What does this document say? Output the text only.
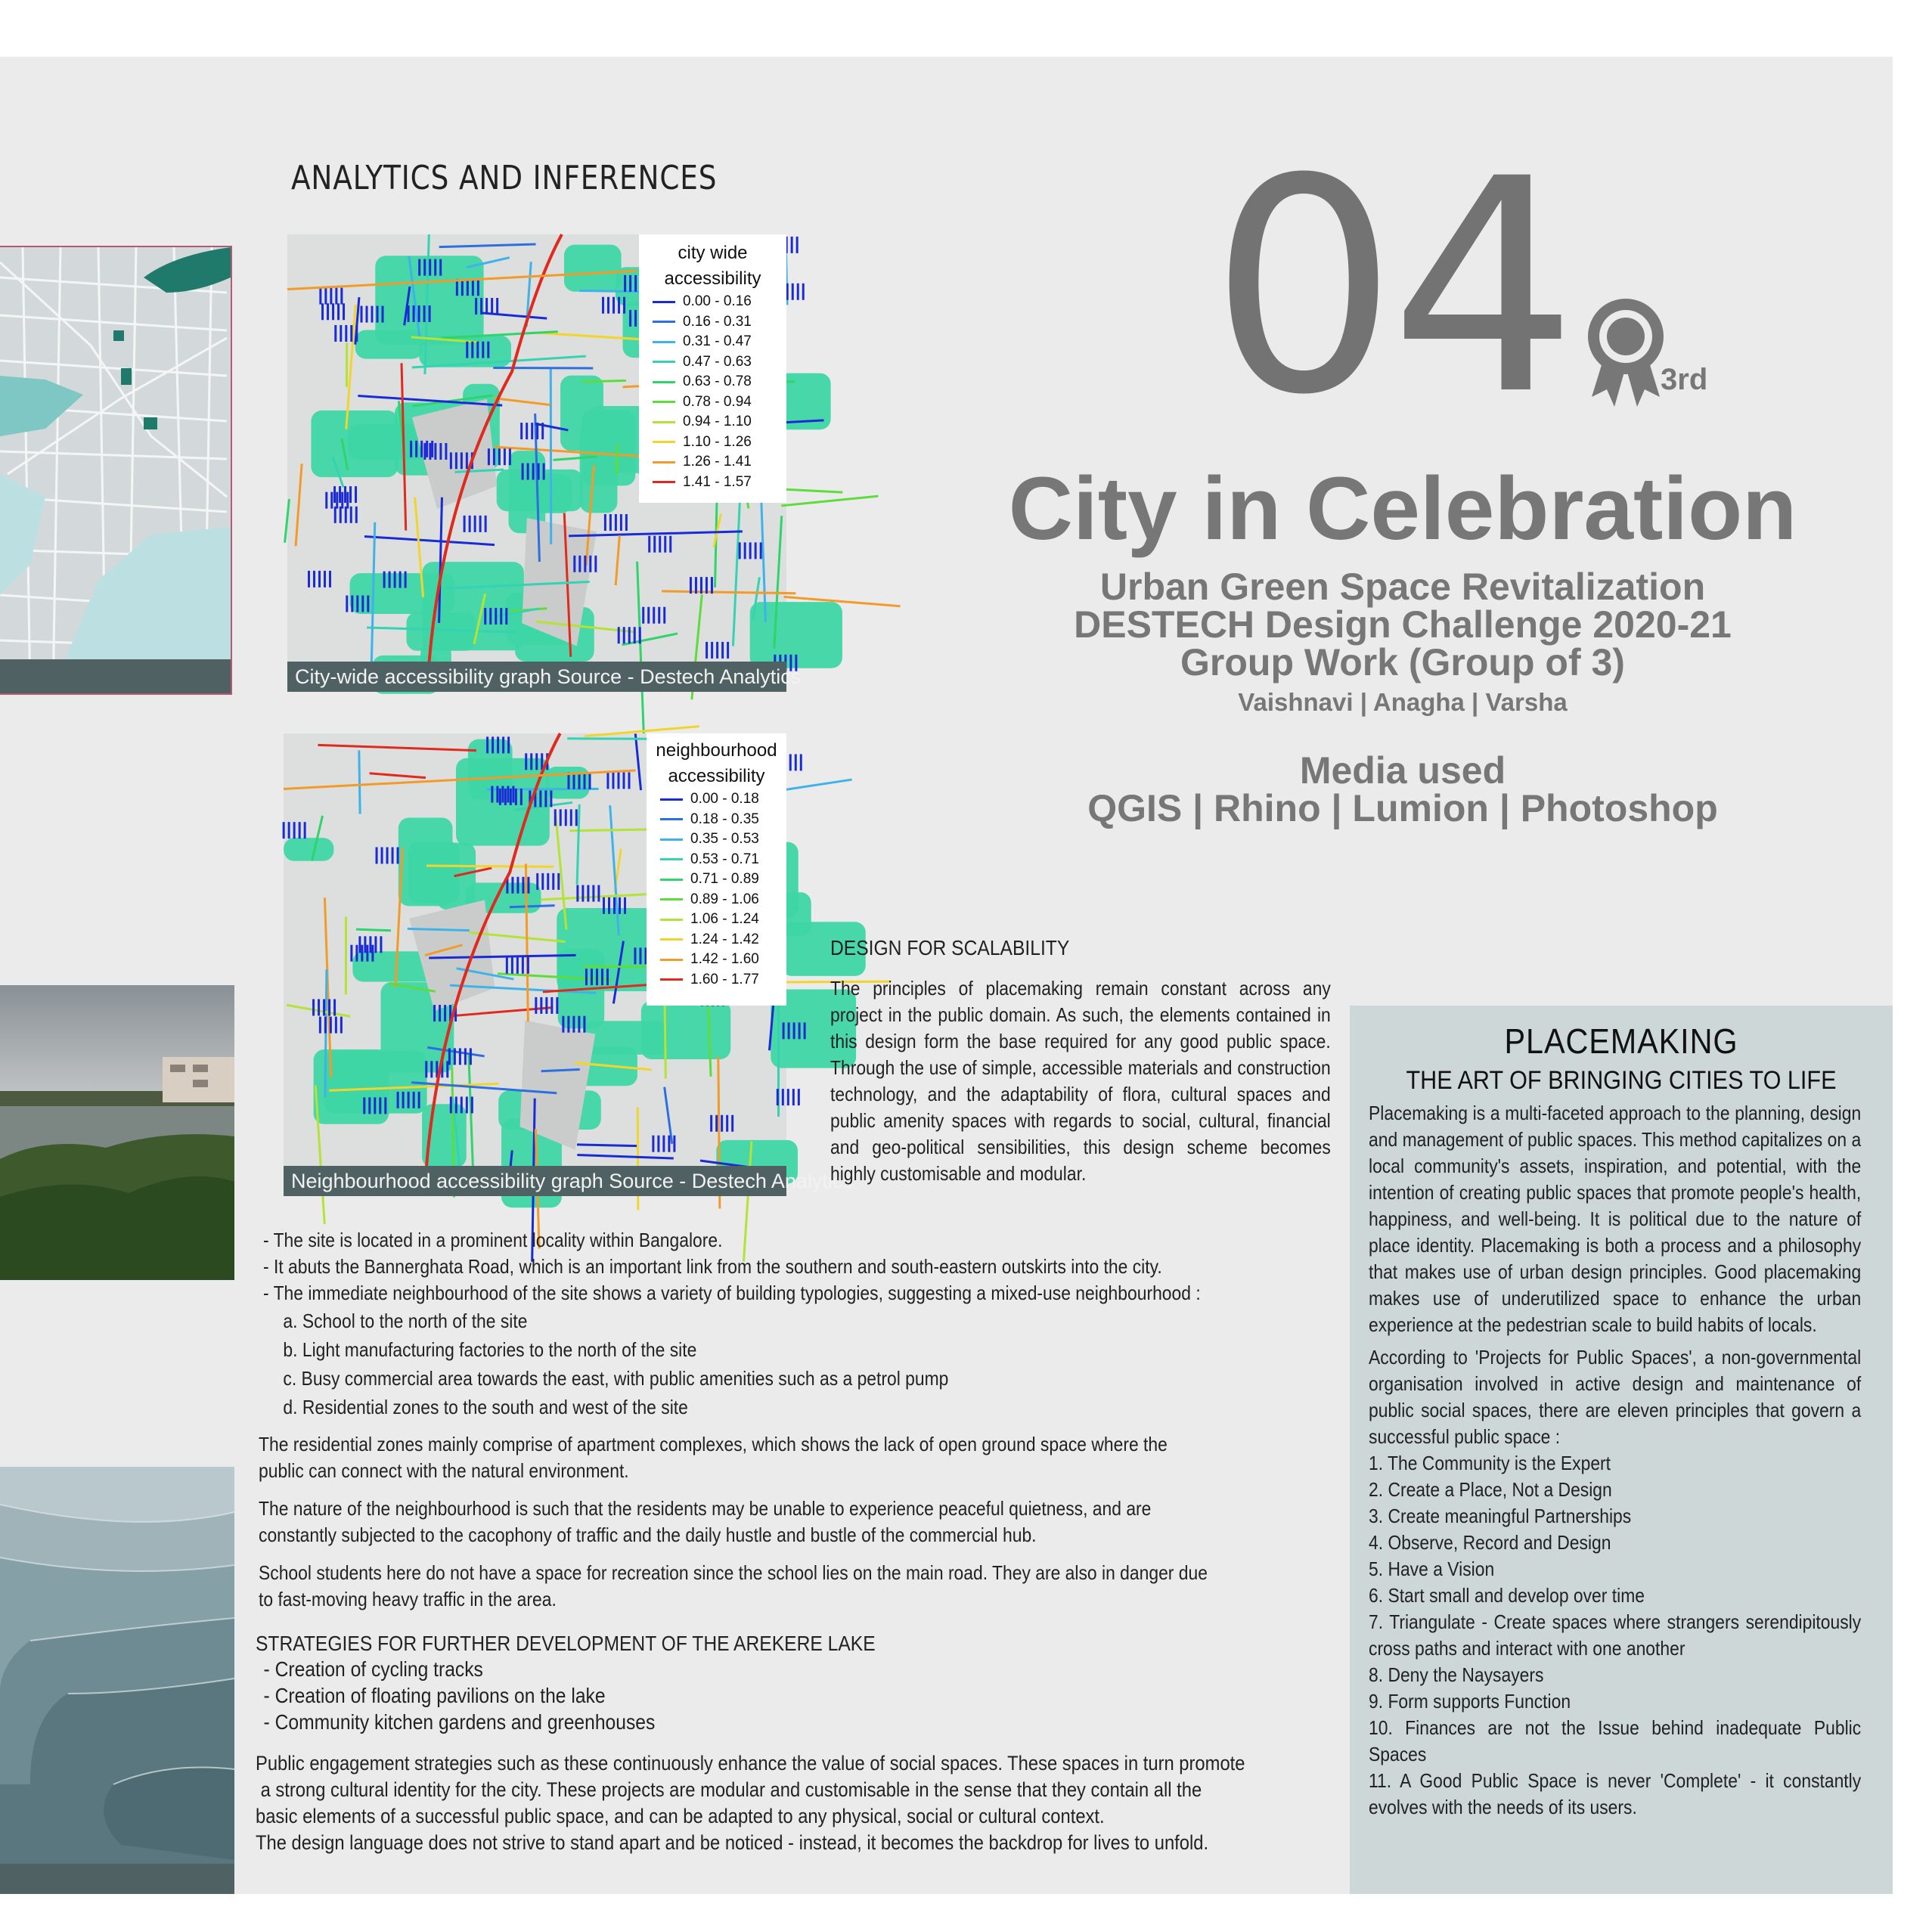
ANALYTICS AND INFERENCES
city wide
accessibility
0.00 - 0.16
0.16 - 0.31
0.31 - 0.47
0.47 - 0.63
0.63 - 0.78
0.78 - 0.94
0.94 - 1.10
1.10 - 1.26
1.26 - 1.41
1.41 - 1.57
City-wide accessibility graph Source - Destech Analytics
neighbourhood
accessibility
0.00 - 0.18
0.18 - 0.35
0.35 - 0.53
0.53 - 0.71
0.71 - 0.89
0.89 - 1.06
1.06 - 1.24
1.24 - 1.42
1.42 - 1.60
1.60 - 1.77
Neighbourhood accessibility graph Source - Destech Analytics
04	3rd
City in Celebration
Urban Green Space Revitalization
DESTECH Design Challenge 2020-21
Group Work (Group of 3)
Vaishnavi | Anagha | Varsha
Media used
QGIS | Rhino | Lumion | Photoshop
DESIGN FOR SCALABILITY
The principles of placemaking remain constant across any project in the public domain. As such, the elements contained in this design form the base required for any good public space. Through the use of simple, accessible materials and construction technology, and the adaptability of flora, cultural spaces and public amenity spaces with regards to social, cultural, financial and geo-political sensibilities, this design scheme becomes highly customisable and modular.
- The site is located in a prominent locality within Bangalore.
- It abuts the Bannerghata Road, which is an important link from the southern and south-eastern outskirts into the city.
- The immediate neighbourhood of the site shows a variety of building typologies, suggesting a mixed-use neighbourhood :
a. School to the north of the site
b. Light manufacturing factories to the north of the site
c. Busy commercial area towards the east, with public amenities such as a petrol pump
d. Residential zones to the south and west of the site
The residential zones mainly comprise of apartment complexes, which shows the lack of open ground space where the public can connect with the natural environment.
The nature of the neighbourhood is such that the residents may be unable to experience peaceful quietness, and are constantly subjected to the cacophony of traffic and the daily hustle and bustle of the commercial hub.
School students here do not have a space for recreation since the school lies on the main road. They are also in danger due to fast-moving heavy traffic in the area.
STRATEGIES FOR FURTHER DEVELOPMENT OF THE AREKERE LAKE
- Creation of cycling tracks
- Creation of floating pavilions on the lake
- Community kitchen gardens and greenhouses
Public engagement strategies such as these continuously enhance the value of social spaces. These spaces in turn promote
a strong cultural identity for the city. These projects are modular and customisable in the sense that they contain all the
basic elements of a successful public space, and can be adapted to any physical, social or cultural context.
The design language does not strive to stand apart and be noticed - instead, it becomes the backdrop for lives to unfold.
PLACEMAKING
THE ART OF BRINGING CITIES TO LIFE
Placemaking is a multi-faceted approach to the planning, design and management of public spaces. This method capitalizes on a local community's assets, inspiration, and potential, with the intention of creating public spaces that promote people's health, happiness, and well-being. It is political due to the nature of place identity. Placemaking is both a process and a philosophy that makes use of urban design principles. Good placemaking makes use of underutilized space to enhance the urban experience at the pedestrian scale to build habits of locals.
According to 'Projects for Public Spaces', a non-governmental organisation involved in active design and maintenance of public social spaces, there are eleven principles that govern a successful public space :
1. The Community is the Expert
2. Create a Place, Not a Design
3. Create meaningful Partnerships
4. Observe, Record and Design
5. Have a Vision
6. Start small and develop over time
7. Triangulate - Create spaces where strangers serendipitously cross paths and interact with one another
8. Deny the Naysayers
9. Form supports Function
10. Finances are not the Issue behind inadequate Public Spaces
11. A Good Public Space is never 'Complete' - it constantly evolves with the needs of its users.
